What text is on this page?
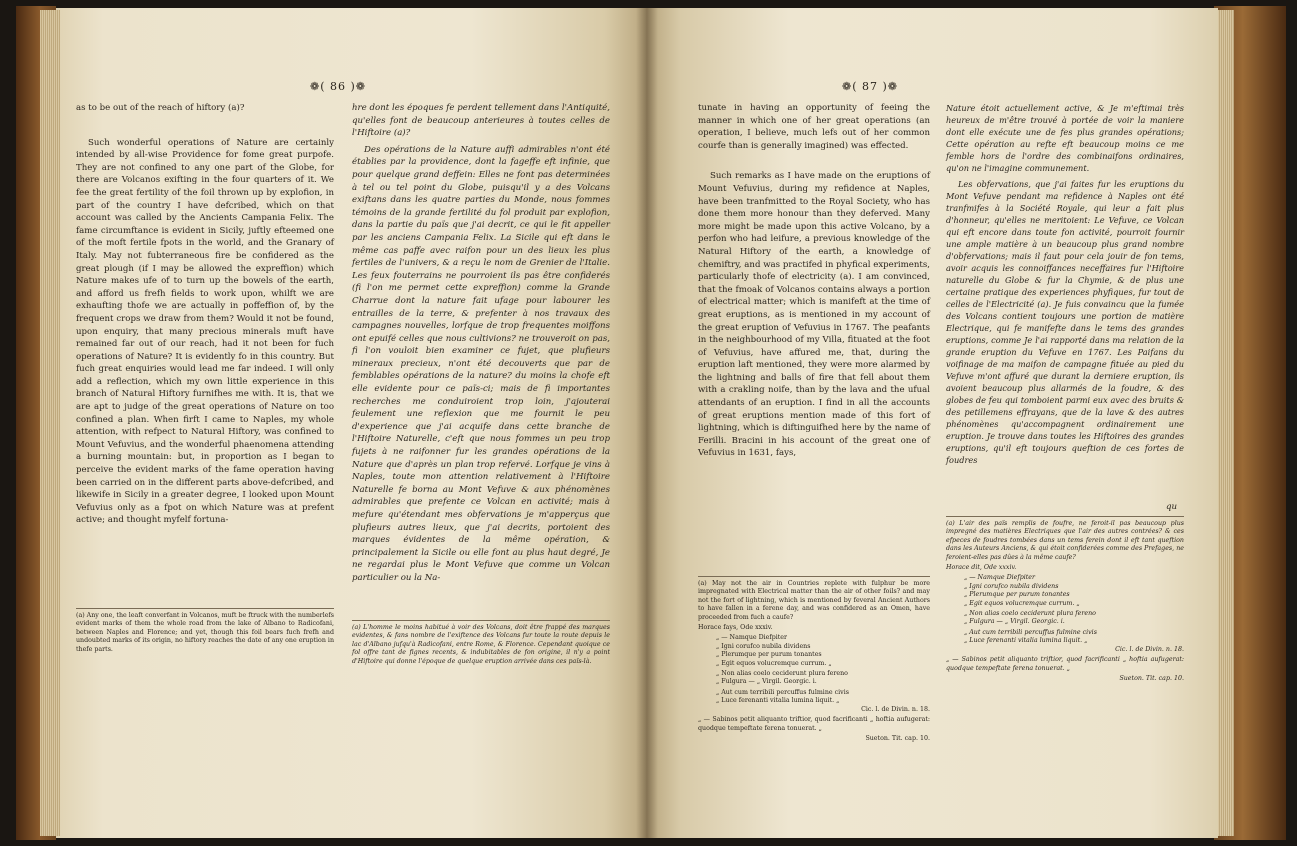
❁( 86 )❁

as to be out of the reach of hiftory (a)?

Such wonderful operations of Nature are certainly intended by all-wise Providence for fome great purpofe. They are not confined to any one part of the Globe, for there are Volcanos exifting in the four quarters of it. We fee the great fertility of the foil thrown up by explofion, in part of the country I have defcribed, which on that account was called by the Ancients Campania Felix. The fame circumftance is evident in Sicily, juftly efteemed one of the moft fertile fpots in the world, and the Granary of Italy. May not fubterraneous fire be confidered as the great plough (if I may be allowed the expreffion) which Nature makes ufe of to turn up the bowels of the earth, and afford us frefh fields to work upon, whilft we are exhaufting thofe we are actually in poffeffion of, by the frequent crops we draw from them? Would it not be found, upon enquiry, that many precious minerals muft have remained far out of our reach, had it not been for fuch operations of Nature? It is evidently fo in this country. But fuch great enquiries would lead me far indeed. I will only add a reflection, which my own little experience in this branch of Natural Hiftory furnifhes me with. It is, that we are apt to judge of the great operations of Nature on too confined a plan. When firft I came to Naples, my whole attention, with refpect to Natural Hiftory, was confined to Mount Vefuvius, and the wonderful phaenomena attending a burning mountain: but, in proportion as I began to perceive the evident marks of the fame operation having been carried on in the different parts above-defcribed, and likewife in Sicily in a greater degree, I looked upon Mount Vefuvius only as a fpot on which Nature was at prefent active; and thought myfelf fortuna-

(a) Any one, the leaft converfant in Volcanos, muft be ftruck with the numberlefs evident marks of them the whole road from the lake of Albano to Radicofani, between Naples and Florence; and yet, though this foil bears fuch frefh and undoubted marks of its origin, no hiftory reaches the date of any one eruption in thefe parts.

hre dont les époques fe perdent tellement dans l'Antiquité, qu'elles font de beaucoup anterieures à toutes celles de l'Hiftoire (a)?

Des opérations de la Nature auffi admirables n'ont été établies par la providence, dont la fageffe eft infinie, que pour quelque grand deffein: Elles ne font pas determinées à tel ou tel point du Globe, puisqu'il y a des Volcans exiftans dans les quatre parties du Monde, nous fommes témoins de la grande fertilité du fol produit par explofion, dans la partie du païs que j'ai decrit, ce qui le fit appeller par les anciens Campania Felix. La Sicile qui eft dans le même cas paffe avec raifon pour un des lieux les plus fertiles de l'univers, & a reçu le nom de Grenier de l'Italie. Les feux fouterrains ne pourroient ils pas être confiderés (fi l'on me permet cette expreffion) comme la Grande Charrue dont la nature fait ufage pour labourer les entrailles de la terre, & prefenter à nos travaux des campagnes nouvelles, lorfque de trop frequentes moiffons ont epuifé celles que nous cultivions? ne trouveroit on pas, fi l'on vouloit bien examiner ce fujet, que plufieurs mineraux precieux, n'ont été decouverts que par de femblables opérations de la nature? du moins la chofe eft elle evidente pour ce païs-ci; mais de fi importantes recherches me conduiroient trop loin, j'ajouterai feulement une reflexion que me fournit le peu d'experience que j'ai acquife dans cette branche de l'Hiftoire Naturelle, c'eft que nous fommes un peu trop fujets à ne raifonner fur les grandes opérations de la Nature que d'après un plan trop refervé. Lorfque je vins à Naples, toute mon attention relativement à l'Hiftoire Naturelle fe borna au Mont Vefuve & aux phénomènes admirables que prefente ce Volcan en activité; mais à mefure qu'étendant mes obfervations je m'apperçus que plufieurs autres lieux, que j'ai decrits, portoient des marques évidentes de la même opération, & principalement la Sicile ou elle font au plus haut degré, Je ne regardai plus le Mont Vefuve que comme un Volcan particulier ou la Na-

(a) L'homme le moins habitué à voir des Volcans, doit être frappé des marques evidentes, & fans nombre de l'exiftence des Volcans fur toute la route depuis le lac d'Albano jufqu'à Radicofani, entre Rome, & Florence. Cependant quoique ce fol offre tant de fignes recents, & indubitables de fon origine, il n'y a point d'Hiftoire qui donne l'époque de quelque eruption arrivée dans ces païs-là.

❁( 87 )❁

tunate in having an opportunity of feeing the manner in which one of her great operations (an operation, I believe, much lefs out of her common courfe than is generally imagined) was effected.

Such remarks as I have made on the eruptions of Mount Vefuvius, during my refidence at Naples, have been tranfmitted to the Royal Society, who has done them more honour than they deferved. Many more might be made upon this active Volcano, by a perfon who had leifure, a previous knowledge of the Natural Hiftory of the earth, a knowledge of chemiftry, and was practifed in phyfical experiments, particularly thofe of electricity (a). I am convinced, that the fmoak of Volcanos contains always a portion of electrical matter; which is manifeft at the time of great eruptions, as is mentioned in my account of the great eruption of Vefuvius in 1767. The peafants in the neighbourhood of my Villa, fituated at the foot of Vefuvius, have affured me, that, during the eruption laft mentioned, they were more alarmed by the lightning and balls of fire that fell about them with a crakling noife, than by the lava and the ufual attendants of an eruption. I find in all the accounts of great eruptions mention made of this fort of lightning, which is diftinguifhed here by the name of Ferilli. Bracini in his account of the great one of Vefuvius in 1631, fays,

(a) May not the air in Countries replete with fulphur be more impregnated with Electrical matter than the air of other foils? and may not the fort of lightning, which is mentioned by feveral Ancient Authors to have fallen in a ferene day, and was confidered as an Omen, have proceeded from fuch a caufe?

Horace fays, Ode xxxiv.

„ — Namque Diefpiter

„ Igni corufco nubila dividens

„ Plerumque per purum tonantes

„ Egit equos volucremque currum. „

„ Non alias coelo ceciderunt plura fereno

„ Fulgura — „ Virgil. Georgic. i.

„ Aut cum terribili percuffus fulmine civis

„ Luce ferenanti vitalia lumina liquit. „

Cic. l. de Divin. n. 18.

„ — Sabinos petit aliquanto triftior, quod facrificanti „ hoftia aufugerat: quodque tempeftate ferena tonuerat. „

Sueton. Tit. cap. 10.

Nature étoit actuellement active, & Je m'eftimai très heureux de m'être trouvé à portée de voir la maniere dont elle exécute une de fes plus grandes opérations; Cette opération au refte eft beaucoup moins ce me femble hors de l'ordre des combinaifons ordinaires, qu'on ne l'imagine communement.

Les obfervations, que j'ai faites fur les eruptions du Mont Vefuve pendant ma refidence à Naples ont été tranfmifes à la Société Royale, qui leur a fait plus d'honneur, qu'elles ne meritoient: Le Vefuve, ce Volcan qui eft encore dans toute fon activité, pourroit fournir une ample matière à un beaucoup plus grand nombre d'obfervations; mais il faut pour cela jouir de fon tems, avoir acquis les connoiffances neceffaires fur l'Hiftoire naturelle du Globe & fur la Chymie, & de plus une certaine pratique des experiences phyfiques, fur tout de celles de l'Electricité (a). Je fuis convaincu que la fumée des Volcans contient toujours une portion de matière Electrique, qui fe manifefte dans le tems des grandes eruptions, comme Je l'ai rapporté dans ma relation de la grande eruption du Vefuve en 1767. Les Paifans du voifinage de ma maifon de campagne fituée au pied du Vefuve m'ont affuré que durant la derniere eruption, ils avoient beaucoup plus allarmés de la foudre, & des globes de feu qui tomboient parmi eux avec des bruits & des petillemens effrayans, que de la lave & des autres phénomènes qu'accompagnent ordinairement une eruption. Je trouve dans toutes les Hiftoires des grandes eruptions, qu'il eft toujours queftion de ces fortes de foudres

qu

(a) L'air des païs remplis de foufre, ne feroit-il pas beaucoup plus impregné des matières Electriques que l'air des autres contrées? & ces efpeces de foudres tombées dans un tems ferein dont il eft tant queftion dans les Auteurs Anciens, & qui étoit confiderées comme des Prefages, ne feroient-elles pas dûes à la même caufe?

Horace dit, Ode xxxiv.

„ — Namque Diefpiter

„ Igni corufco nubila dividens

„ Plerumque per purum tonantes

„ Egit equos volucremque currum. „

„ Non alias coelo ceciderunt plura fereno

„ Fulgura — „ Virgil. Georgic. i.

„ Aut cum terribili percuffus fulmine civis

„ Luce ferenanti vitalia lumina liquit. „

Cic. l. de Divin. n. 18.

„ — Sabinos petit aliquanto triftior, quod facrificanti „ hoftia aufugerat: quodque tempeftate ferena tonuerat. „

Sueton. Tit. cap. 10.
